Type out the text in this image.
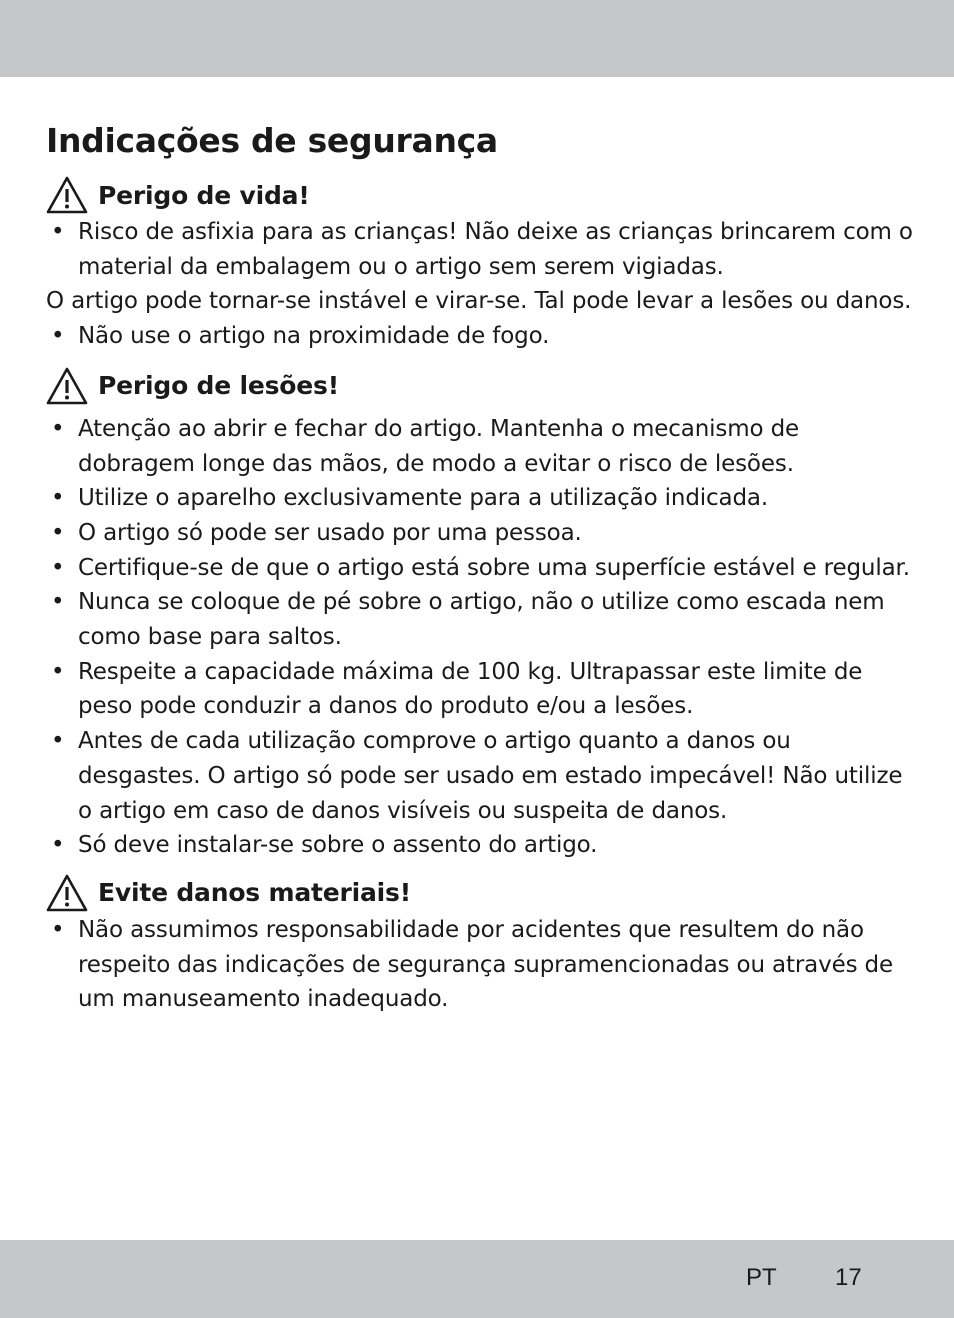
Indicações de segurança
Perigo de vida!
• Risco de asfixia para as crianças! Não deixe as crianças brincarem com o material da embalagem ou o artigo sem serem vigiadas.
O artigo pode tornar-se instável e virar-se. Tal pode levar a lesões ou danos.
• Não use o artigo na proximidade de fogo.
Perigo de lesões!
• Atenção ao abrir e fechar do artigo. Mantenha o mecanismo de dobragem longe das mãos, de modo a evitar o risco de lesões.
• Utilize o aparelho exclusivamente para a utilização indicada.
• O artigo só pode ser usado por uma pessoa.
• Certifique-se de que o artigo está sobre uma superfície estável e regular.
• Nunca se coloque de pé sobre o artigo, não o utilize como escada nem como base para saltos.
• Respeite a capacidade máxima de 100 kg. Ultrapassar este limite de peso pode conduzir a danos do produto e/ou a lesões.
• Antes de cada utilização comprove o artigo quanto a danos ou desgastes. O artigo só pode ser usado em estado impecável! Não utilize o artigo em caso de danos visíveis ou suspeita de danos.
• Só deve instalar-se sobre o assento do artigo.
Evite danos materiais!
• Não assumimos responsabilidade por acidentes que resultem do não respeito das indicações de segurança supramencionadas ou através de um manuseamento inadequado.
PT 17
